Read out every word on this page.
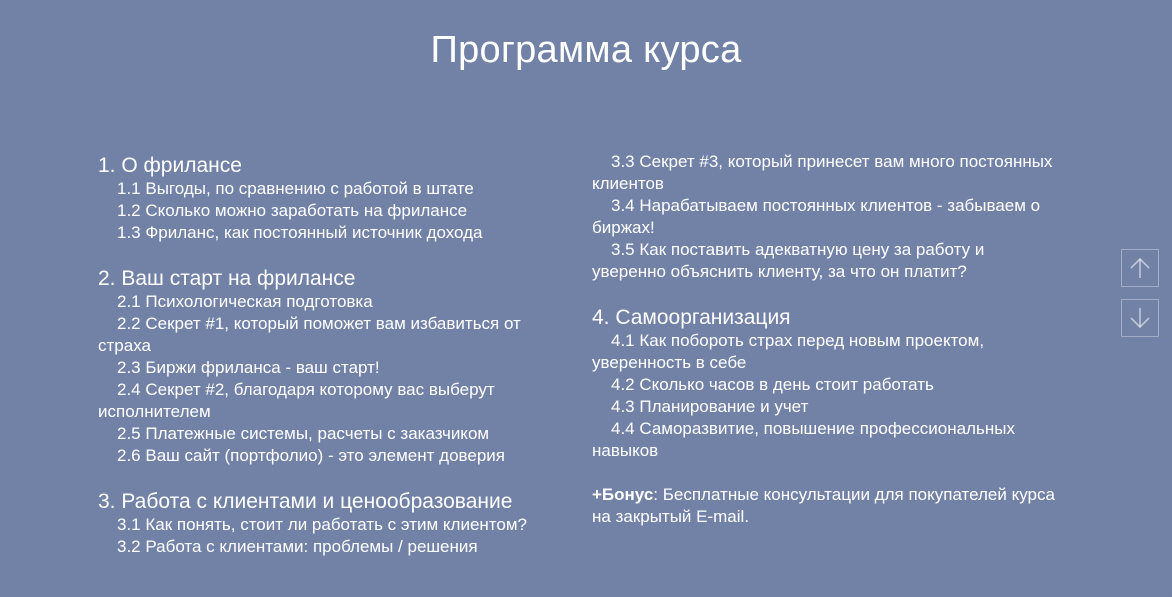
Программа курса

1. О фрилансе

1.1 Выгоды, по сравнению с работой в штате

1.2 Сколько можно заработать на фрилансе

1.3 Фриланс, как постоянный источник дохода

2. Ваш старт на фрилансе

2.1 Психологическая подготовка

2.2 Секрет #1, который поможет вам избавиться от страха

2.3 Биржи фриланса - ваш старт!

2.4 Секрет #2, благодаря которому вас выберут исполнителем

2.5 Платежные системы, расчеты с заказчиком

2.6 Ваш сайт (портфолио) - это элемент доверия

3. Работа с клиентами и ценообразование

3.1 Как понять, стоит ли работать с этим клиентом?

3.2 Работа с клиентами: проблемы / решения

3.3 Секрет #3, который принесет вам много постоянных клиентов

3.4 Нарабатываем постоянных клиентов - забываем о биржах!

3.5 Как поставить адекватную цену за работу и уверенно объяснить клиенту, за что он платит?

4. Самоорганизация

4.1 Как побороть страх перед новым проектом, уверенность в себе

4.2 Сколько часов в день стоит работать

4.3 Планирование и учет

4.4 Саморазвитие, повышение профессиональных навыков

+Бонус: Бесплатные консультации для покупателей курса на закрытый E-mail.
